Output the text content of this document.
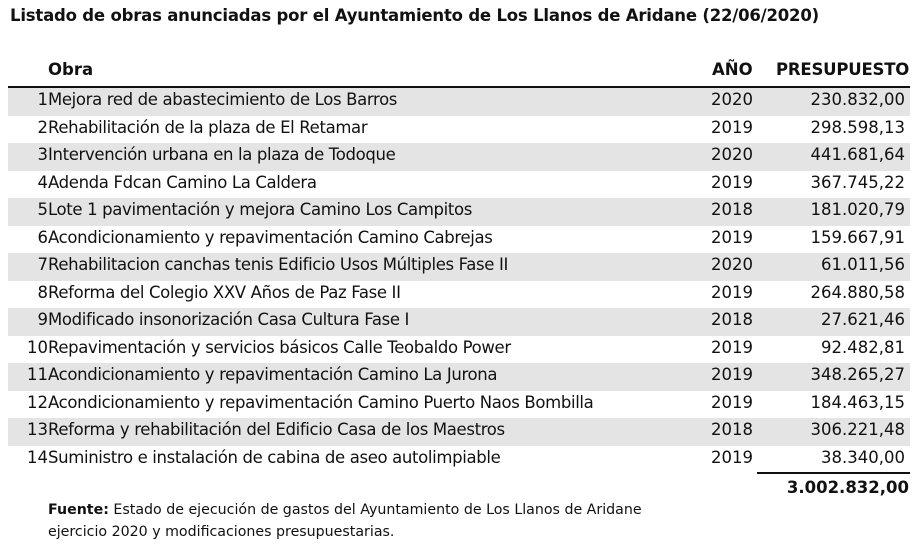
Listado de obras anunciadas por el Ayuntamiento de Los Llanos de Aridane (22/06/2020)
Obra	AÑO PRESUPUESTO
1 Mejora red de abastecimiento de Los Barros	2020	230.832,00
2 Rehabilitación de la plaza de El Retamar	2019	298.598,13
3 Intervención urbana en la plaza de Todoque	2020	441.681,64
4 Adenda Fdcan Camino La Caldera	2019	367.745,22
5 Lote 1 pavimentación y mejora Camino Los Campitos	2018	181.020,79
6 Acondicionamiento y repavimentación Camino Cabrejas	2019	159.667,91
7 Rehabilitacion canchas tenis Edificio Usos Múltiples Fase II	2020	61.011,56
8 Reforma del Colegio XXV Años de Paz Fase II	2019	264.880,58
9 Modificado insonorización Casa Cultura Fase I	2018	27.621,46
10 Repavimentación y servicios básicos Calle Teobaldo Power	2019	92.482,81
11 Acondicionamiento y repavimentación Camino La Jurona	2019	348.265,27
12 Acondicionamiento y repavimentación Camino Puerto Naos Bombilla	2019	184.463,15
13 Reforma y rehabilitación del Edificio Casa de los Maestros	2018	306.221,48
14 Suministro e instalación de cabina de aseo autolimpiable	2019	38.340,00
3.002.832,00
Fuente: Estado de ejecución de gastos del Ayuntamiento de Los Llanos de Aridane ejercicio 2020 y modificaciones presupuestarias.
